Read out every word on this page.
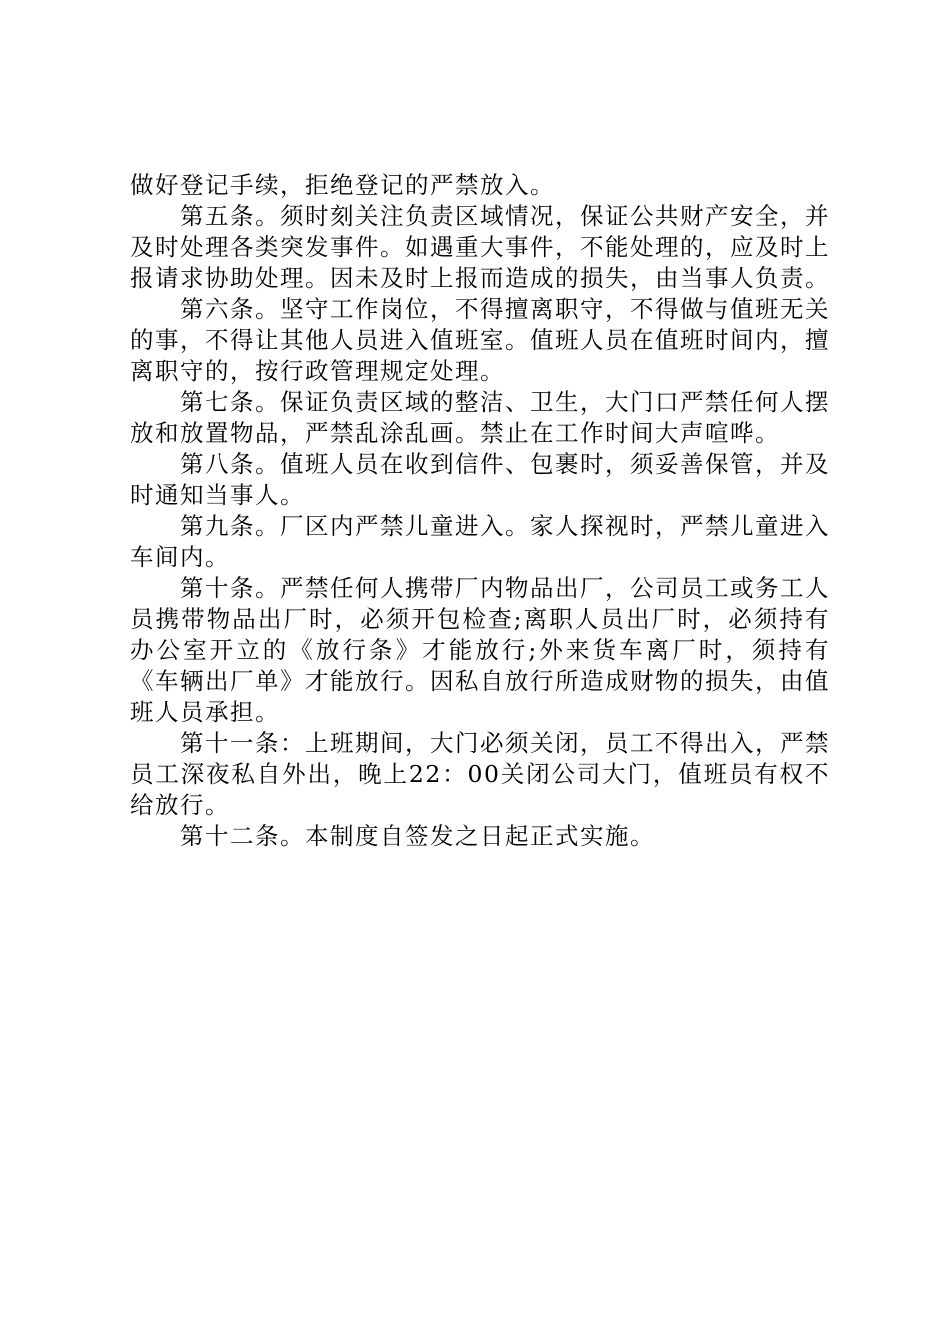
做好登记手续，拒绝登记的严禁放入。

第五条。须时刻关注负责区域情况，保证公共财产安全，并及时处理各类突发事件。如遇重大事件，不能处理的，应及时上报请求协助处理。因未及时上报而造成的损失，由当事人负责。

第六条。坚守工作岗位，不得擅离职守，不得做与值班无关的事，不得让其他人员进入值班室。值班人员在值班时间内，擅离职守的，按行政管理规定处理。

第七条。保证负责区域的整洁、卫生，大门口严禁任何人摆放和放置物品，严禁乱涂乱画。禁止在工作时间大声喧哗。

第八条。值班人员在收到信件、包裹时，须妥善保管，并及时通知当事人。

第九条。厂区内严禁儿童进入。家人探视时，严禁儿童进入车间内。

第十条。严禁任何人携带厂内物品出厂，公司员工或务工人员携带物品出厂时，必须开包检查;离职人员出厂时，必须持有办公室开立的《放行条》才能放行;外来货车离厂时，须持有《车辆出厂单》才能放行。因私自放行所造成财物的损失，由值班人员承担。

第十一条：上班期间，大门必须关闭，员工不得出入，严禁员工深夜私自外出，晚上22：00关闭公司大门，值班员有权不给放行。

第十二条。本制度自签发之日起正式实施。
